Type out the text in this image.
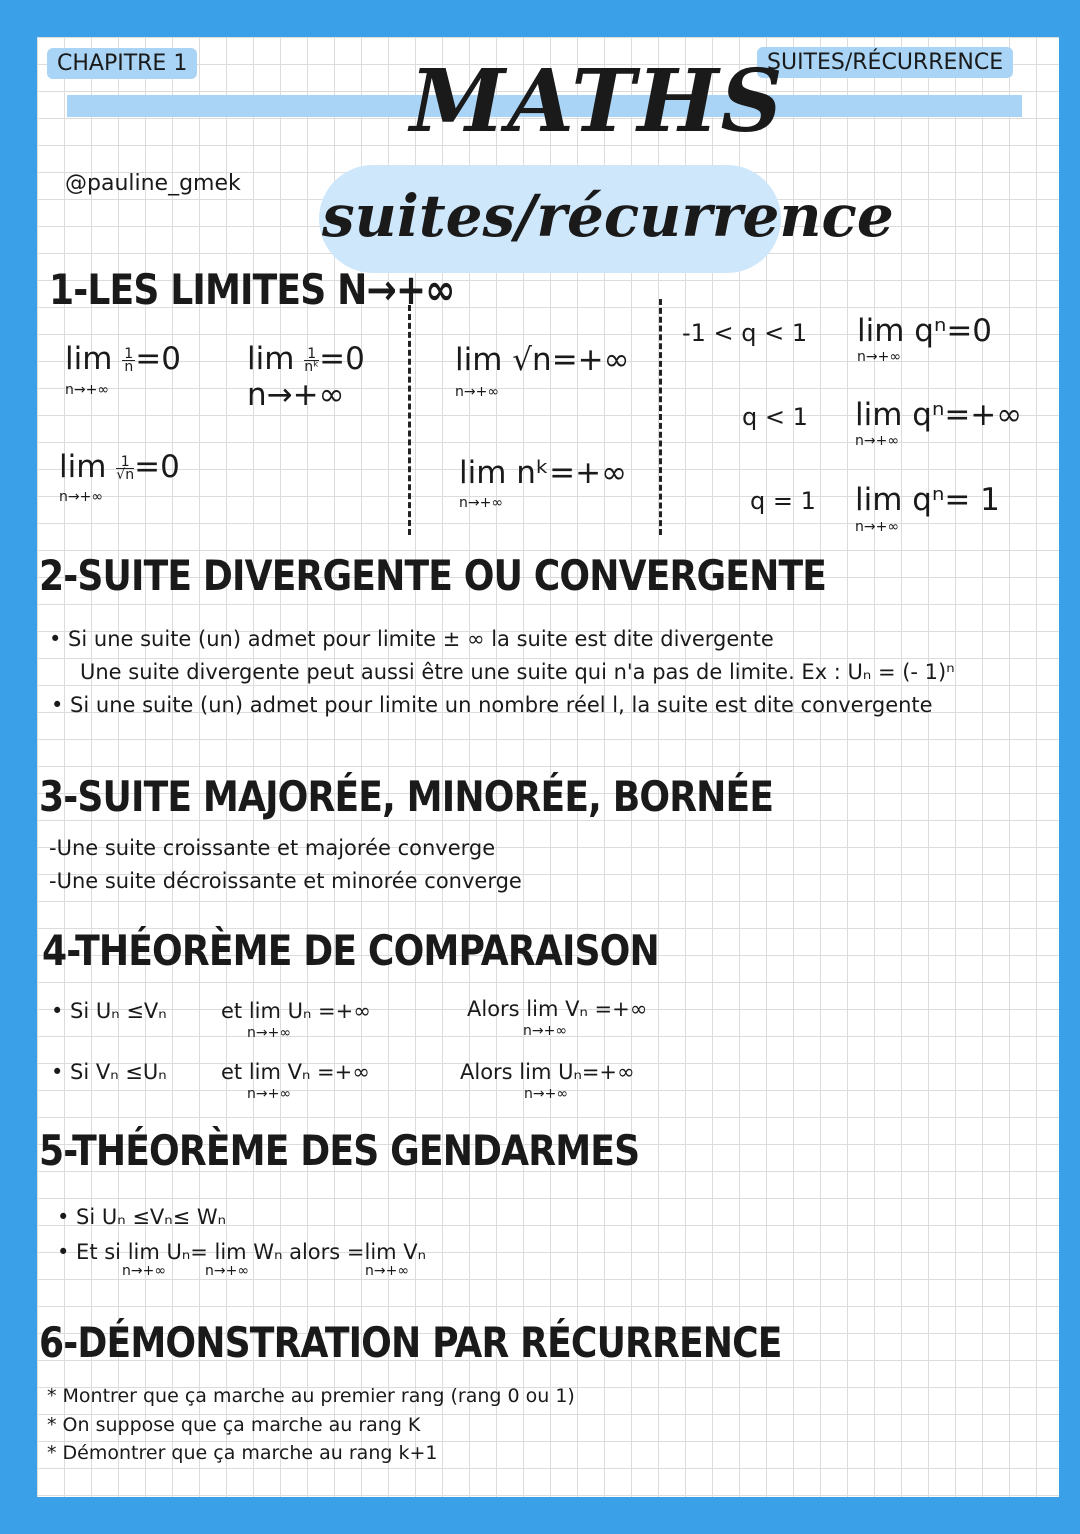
CHAPITRE 1	SUITES/RÉCURRENCE
MATHS
@pauline_gmek suites/récurrence
1-LES LIMITES N→+∞
$\lim \frac{1}{n}=0$
n→+∞
$\lim \frac{1}{\text{nᵏ}}=0$
n→+∞
$\lim \frac{1}{√n}=0$
n→+∞
lim √n=+∞
n→+∞
lim nᵏ=+∞
n→+∞
-1 < q < 1 lim qⁿ=0
n→+∞
q < 1 lim qⁿ=+∞
n→+∞
q = 1 lim qⁿ= 1
n→+∞
2-SUITE DIVERGENTE OU CONVERGENTE
• Si une suite (un) admet pour limite ± ∞ la suite est dite divergente
Une suite divergente peut aussi être une suite qui n'a pas de limite. Ex : Uₙ = (- 1)ⁿ
• Si une suite (un) admet pour limite un nombre réel l, la suite est dite convergente
3-SUITE MAJORÉE, MINORÉE, BORNÉE
-Une suite croissante et majorée converge
-Une suite décroissante et minorée converge
4-THÉORÈME DE COMPARAISON
• Si Uₙ ≤Vₙ	et lim Uₙ =+∞
n→+∞
Alors lim Vₙ =+∞
n→+∞
• Si Vₙ ≤Uₙ	et lim Vₙ =+∞
n→+∞
Alors lim Uₙ=+∞
n→+∞
5-THÉORÈME DES GENDARMES
• Si Uₙ ≤Vₙ≤ Wₙ
• Et si lim Uₙ= lim Wₙ alors =lim Vₙ
n→+∞	n→+∞	n→+∞
6-DÉMONSTRATION PAR RÉCURRENCE
* Montrer que ça marche au premier rang (rang 0 ou 1)
* On suppose que ça marche au rang K
* Démontrer que ça marche au rang k+1
